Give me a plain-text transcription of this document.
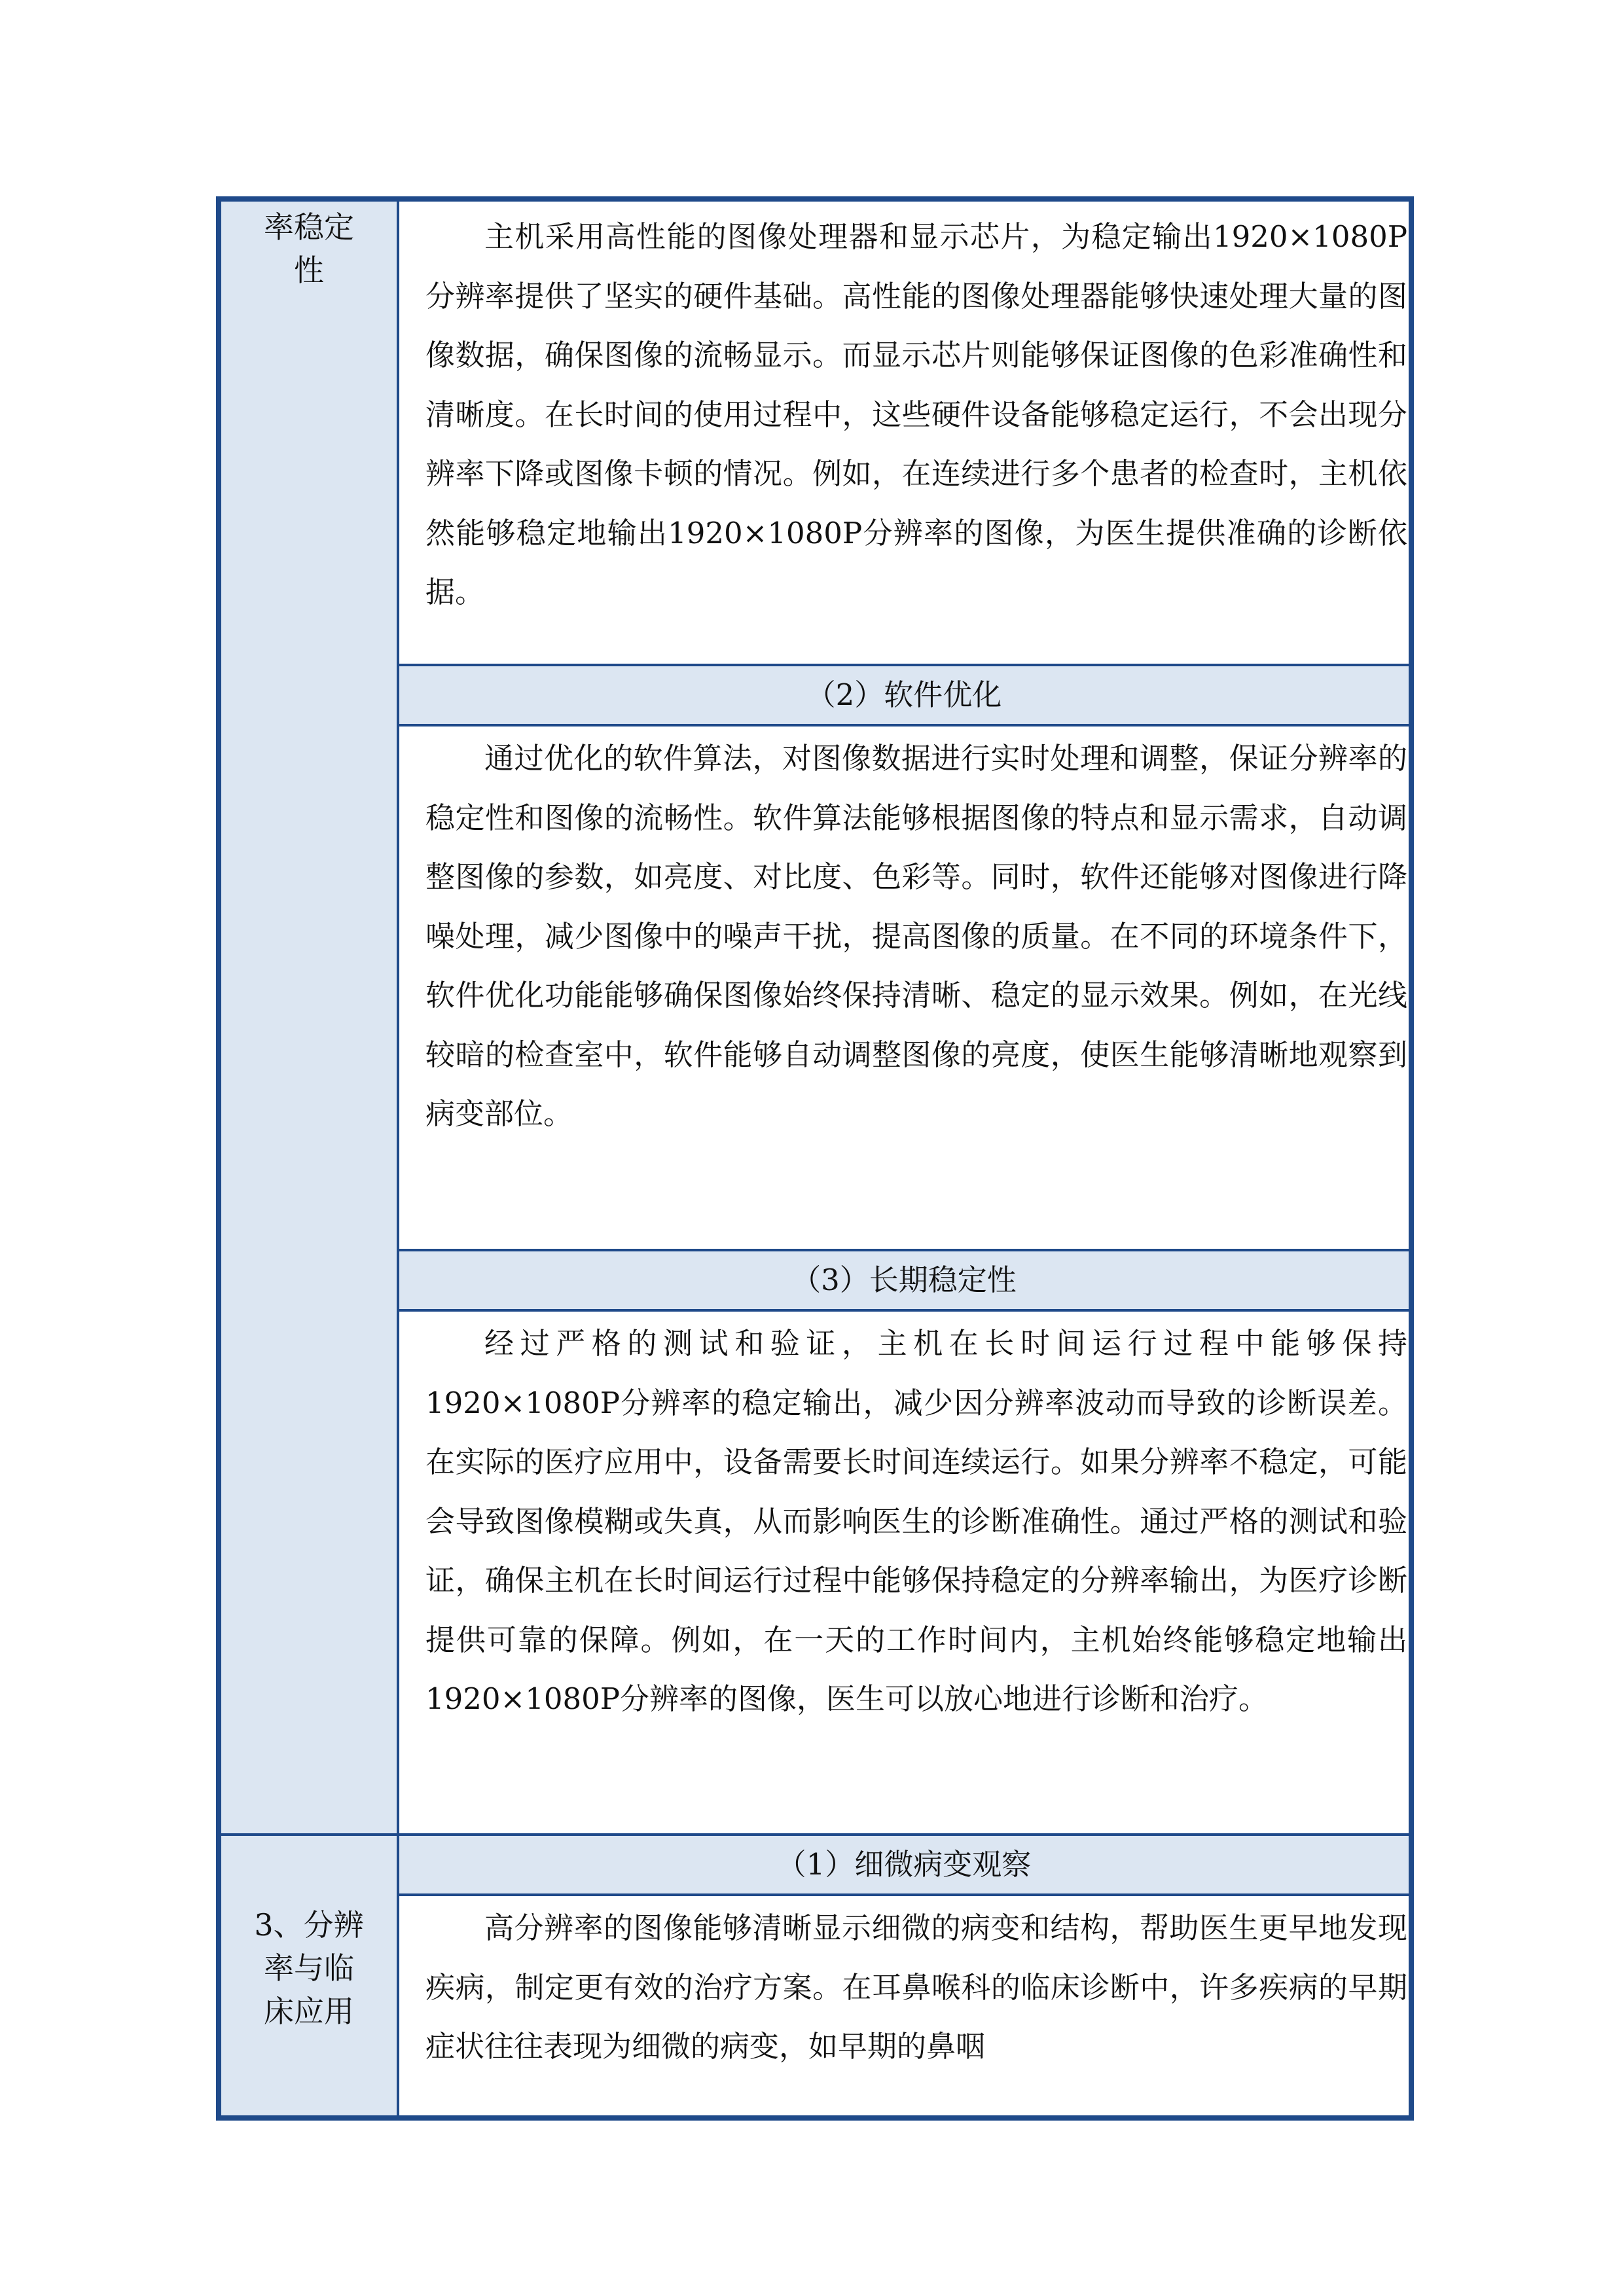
率稳定
性
3、分辨
率与临
床应用

主机采用高性能的图像处理器和显示芯片，为稳定输出1920×1080P分辨率提供了坚实的硬件基础。高性能的图像处理器能够快速处理大量的图像数据，确保图像的流畅显示。而显示芯片则能够保证图像的色彩准确性和清晰度。在长时间的使用过程中，这些硬件设备能够稳定运行，不会出现分辨率下降或图像卡顿的情况。例如，在连续进行多个患者的检查时，主机依然能够稳定地输出1920×1080P分辨率的图像，为医生提供准确的诊断依据。

（2）软件优化

通过优化的软件算法，对图像数据进行实时处理和调整，保证分辨率的稳定性和图像的流畅性。软件算法能够根据图像的特点和显示需求，自动调整图像的参数，如亮度、对比度、色彩等。同时，软件还能够对图像进行降噪处理，减少图像中的噪声干扰，提高图像的质量。在不同的环境条件下，软件优化功能能够确保图像始终保持清晰、稳定的显示效果。例如，在光线较暗的检查室中，软件能够自动调整图像的亮度，使医生能够清晰地观察到病变部位。

（3）长期稳定性

经过严格的测试和验证，主机在长时间运行过程中能够保持1920×1080P分辨率的稳定输出，减少因分辨率波动而导致的诊断误差。在实际的医疗应用中，设备需要长时间连续运行。如果分辨率不稳定，可能会导致图像模糊或失真，从而影响医生的诊断准确性。通过严格的测试和验证，确保主机在长时间运行过程中能够保持稳定的分辨率输出，为医疗诊断提供可靠的保障。例如，在一天的工作时间内，主机始终能够稳定地输出1920×1080P分辨率的图像，医生可以放心地进行诊断和治疗。

（1）细微病变观察

高分辨率的图像能够清晰显示细微的病变和结构，帮助医生更早地发现疾病，制定更有效的治疗方案。在耳鼻喉科的临床诊断中，许多疾病的早期症状往往表现为细微的病变，如早期的鼻咽
